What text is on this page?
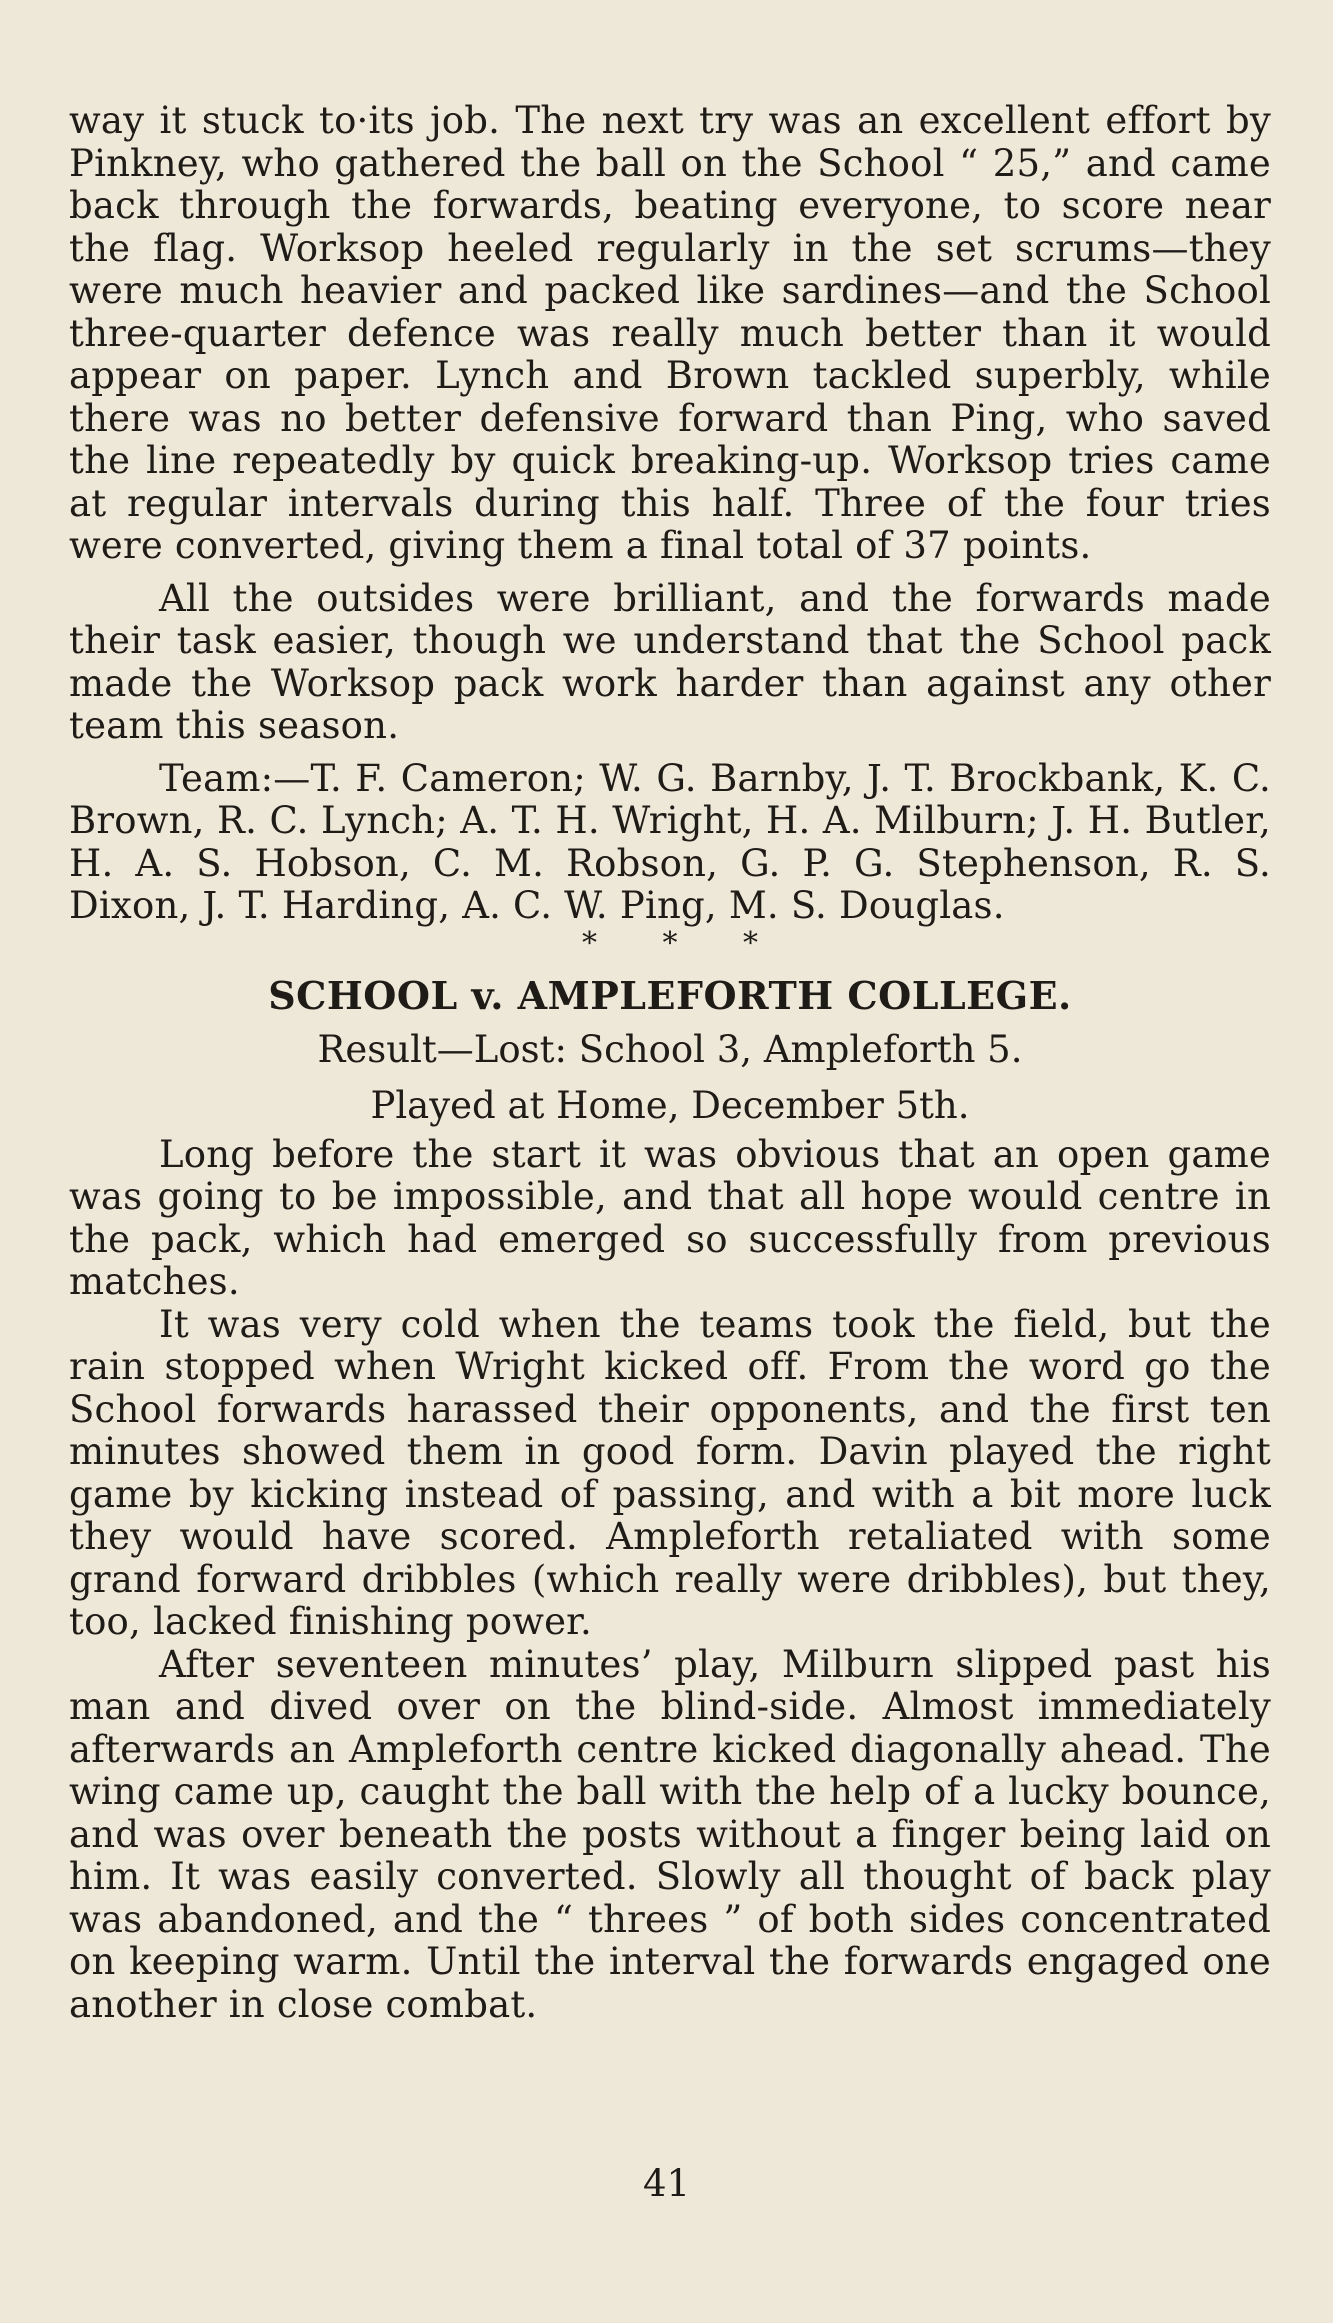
way it stuck to·its job. The next try was an excellent effort by Pinkney, who gathered the ball on the School “ 25,” and came back through the forwards, beating everyone, to score near the flag. Worksop heeled regularly in the set scrums—they were much heavier and packed like sardines—and the School three-quarter defence was really much better than it would appear on paper. Lynch and Brown tackled superbly, while there was no better defensive forward than Ping, who saved the line repeatedly by quick breaking-up. Worksop tries came at regular intervals during this half. Three of the four tries were converted, giving them a final total of 37 points.

All the outsides were brilliant, and the forwards made their task easier, though we understand that the School pack made the Worksop pack work harder than against any other team this season.

Team:—T. F. Cameron; W. G. Barnby, J. T. Brockbank, K. C. Brown, R. C. Lynch; A. T. H. Wright, H. A. Milburn; J. H. Butler, H. A. S. Hobson, C. M. Robson, G. P. G. Stephenson, R. S. Dixon, J. T. Harding, A. C. W. Ping, M. S. Douglas.

* * *

SCHOOL v. AMPLEFORTH COLLEGE.

Result—Lost: School 3, Ampleforth 5.

Played at Home, December 5th.

Long before the start it was obvious that an open game was going to be impossible, and that all hope would centre in the pack, which had emerged so successfully from previous matches.

It was very cold when the teams took the field, but the rain stopped when Wright kicked off. From the word go the School forwards harassed their opponents, and the first ten minutes showed them in good form. Davin played the right game by kicking instead of passing, and with a bit more luck they would have scored. Ampleforth retaliated with some grand forward dribbles (which really were dribbles), but they, too, lacked finishing power.

After seventeen minutes’ play, Milburn slipped past his man and dived over on the blind-side. Almost immediately afterwards an Ampleforth centre kicked diagonally ahead. The wing came up, caught the ball with the help of a lucky bounce, and was over beneath the posts without a finger being laid on him. It was easily converted. Slowly all thought of back play was abandoned, and the “ threes ” of both sides concentrated on keeping warm. Until the interval the forwards engaged one another in close combat.

41
